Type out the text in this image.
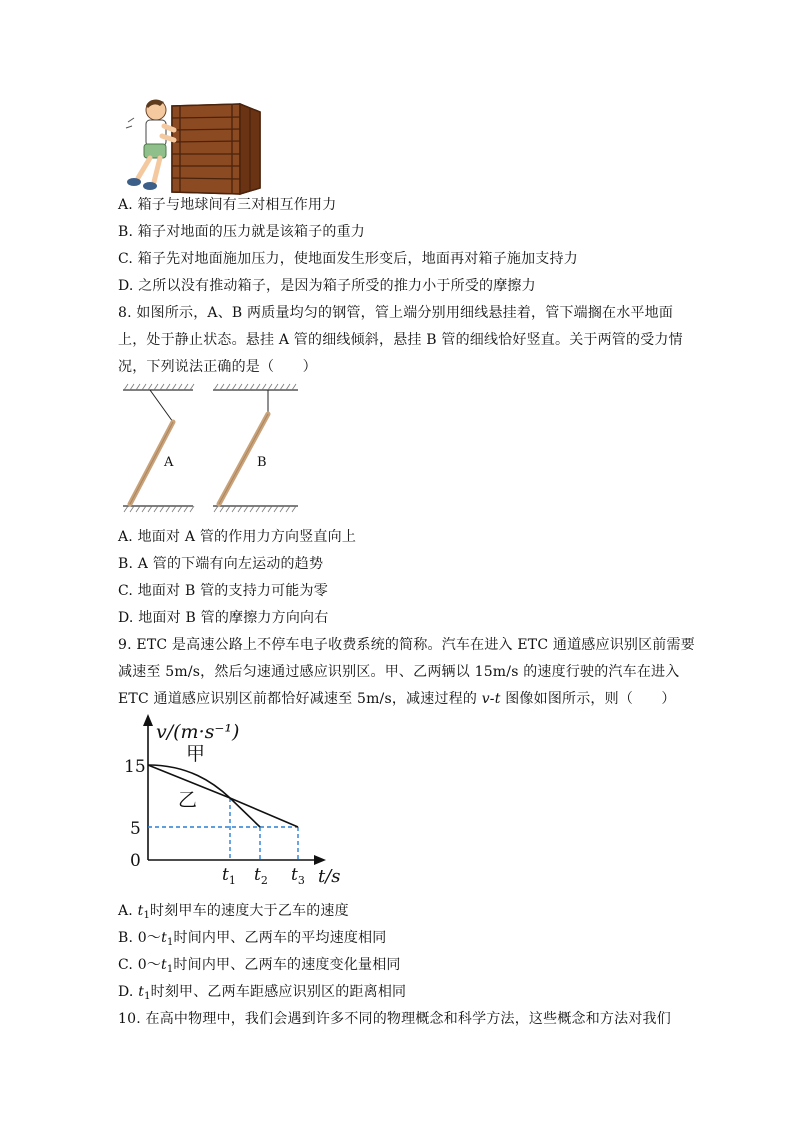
A. 箱子与地球间有三对相互作用力
B. 箱子对地面的压力就是该箱子的重力
C. 箱子先对地面施加压力，使地面发生形变后，地面再对箱子施加支持力
D. 之所以没有推动箱子，是因为箱子所受的推力小于所受的摩擦力
8. 如图所示，A、B 两质量均匀的钢管，管上端分别用细线悬挂着，管下端搁在水平地面
上，处于静止状态。悬挂 A 管的细线倾斜，悬挂 B 管的细线恰好竖直。关于两管的受力情
况，下列说法正确的是（　　）
A	B
A. 地面对 A 管的作用力方向竖直向上
B. A 管的下端有向左运动的趋势
C. 地面对 B 管的支持力可能为零
D. 地面对 B 管的摩擦力方向向右
9. ETC 是高速公路上不停车电子收费系统的简称。汽车在进入 ETC 通道感应识别区前需要
减速至 5m/s，然后匀速通过感应识别区。甲、乙两辆以 15m/s 的速度行驶的汽车在进入
ETC 通道感应识别区前都恰好减速至 5m/s，减速过程的 v-t 图像如图所示，则（　　）
v/(m·s⁻¹)
t/s
15
5
0
甲
乙
$t_1$ $t_2$ $t_3$
A. $t_1$时刻甲车的速度大于乙车的速度
B. $0\sim t_1$时间内甲、乙两车的平均速度相同
C. $0\sim t_1$时间内甲、乙两车的速度变化量相同
D. $t_1$时刻甲、乙两车距感应识别区的距离相同
10. 在高中物理中，我们会遇到许多不同的物理概念和科学方法，这些概念和方法对我们
